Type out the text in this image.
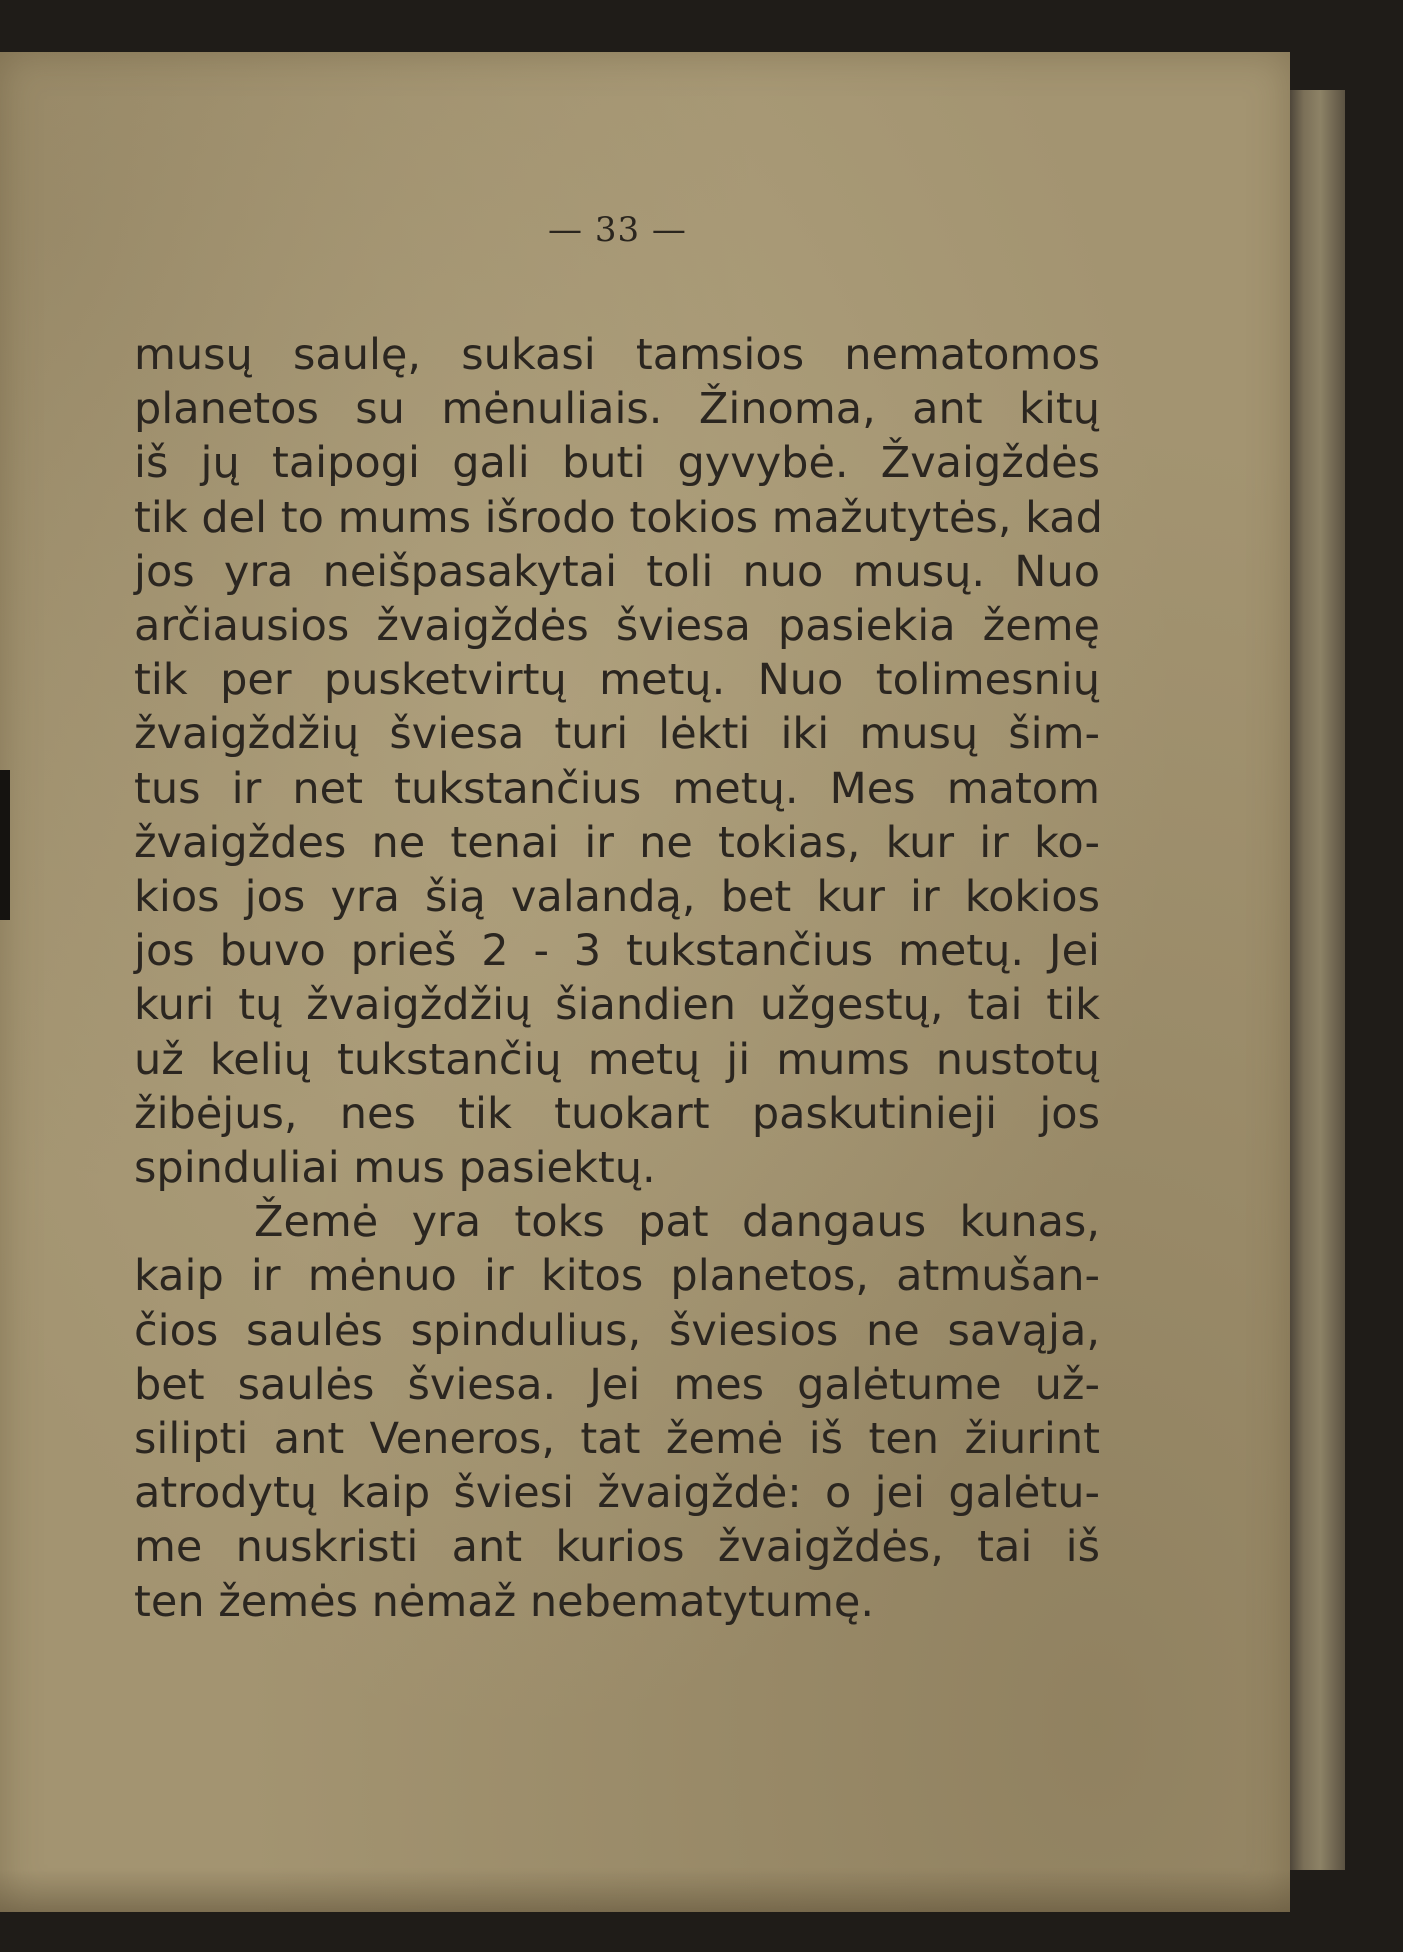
— 33 —
musų saulę, sukasi tamsios nematomos
planetos su mėnuliais. Žinoma, ant kitų
iš jų taipogi gali buti gyvybė. Žvaigždės
tik del to mums išrodo tokios mažutytės, kad
jos yra neišpasakytai toli nuo musų. Nuo
arčiausios žvaigždės šviesa pasiekia žemę
tik per pusketvirtų metų. Nuo tolimesnių
žvaigždžių šviesa turi lėkti iki musų šim-
tus ir net tukstančius metų. Mes matom
žvaigždes ne tenai ir ne tokias, kur ir ko-
kios jos yra šią valandą, bet kur ir kokios
jos buvo prieš 2 - 3 tukstančius metų. Jei
kuri tų žvaigždžių šiandien užgestų, tai tik
už kelių tukstančių metų ji mums nustotų
žibėjus, nes tik tuokart paskutinieji jos
spinduliai mus pasiektų.
Žemė yra toks pat dangaus kunas,
kaip ir mėnuo ir kitos planetos, atmušan-
čios saulės spindulius, šviesios ne savąja,
bet saulės šviesa. Jei mes galėtume už-
silipti ant Veneros, tat žemė iš ten žiurint
atrodytų kaip šviesi žvaigždė: o jei galėtu-
me nuskristi ant kurios žvaigždės, tai iš
ten žemės nėmaž nebematytumę.
